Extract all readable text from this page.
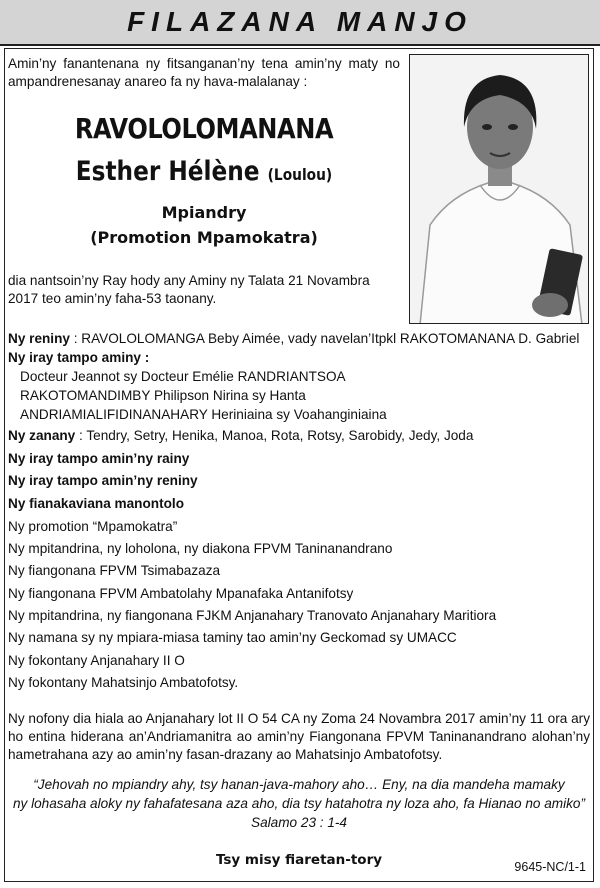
FILAZANA MANJO
Amin’ny fanantenana ny fitsanganan’ny tena amin’ny maty no ampandrenesanay anareo fa ny hava-malalanay :
RAVOLOLOMANANA
Esther Hélène (Loulou)
Mpiandry
(Promotion Mpamokatra)
dia nantsoin’ny Ray hody any Aminy ny Talata 21 Novambra 2017 teo amin’ny faha-53 taonany.
Ny reniny : RAVOLOLOMANGA Beby Aimée, vady navelan’Itpkl RAKOTOMANANA D. Gabriel
Ny iray tampo aminy :
Docteur Jeannot sy Docteur Emélie RANDRIANTSOA
RAKOTOMANDIMBY Philipson Nirina sy Hanta
ANDRIAMIALIFIDINANAHARY Heriniaina sy Voahanginiaina
Ny zanany : Tendry, Setry, Henika, Manoa, Rota, Rotsy, Sarobidy, Jedy, Joda
Ny iray tampo amin’ny rainy
Ny iray tampo amin’ny reniny
Ny fianakaviana manontolo
Ny promotion “Mpamokatra”
Ny mpitandrina, ny loholona, ny diakona FPVM Taninanandrano
Ny fiangonana FPVM Tsimabazaza
Ny fiangonana FPVM Ambatolahy Mpanafaka Antanifotsy
Ny mpitandrina, ny fiangonana FJKM Anjanahary Tranovato Anjanahary Maritiora
Ny namana sy ny mpiara-miasa taminy tao amin’ny Geckomad sy UMACC
Ny fokontany Anjanahary II O
Ny fokontany Mahatsinjo Ambatofotsy.
Ny nofony dia hiala ao Anjanahary lot II O 54 CA ny Zoma 24 Novambra 2017 amin’ny 11 ora ary ho entina hiderana an’Andriamanitra ao amin’ny Fiangonana FPVM Taninanandrano alohan’ny hametrahana azy ao amin’ny fasan-drazany ao Mahatsinjo Ambatofotsy.
“Jehovah no mpiandry ahy, tsy hanan-java-mahory aho… Eny, na dia mandeha mamaky
ny lohasaha aloky ny fahafatesana aza aho, dia tsy hatahotra ny loza aho, fa Hianao no amiko”
Salamo 23 : 1-4
Tsy misy fiaretan-tory	9645-NC/1-1
